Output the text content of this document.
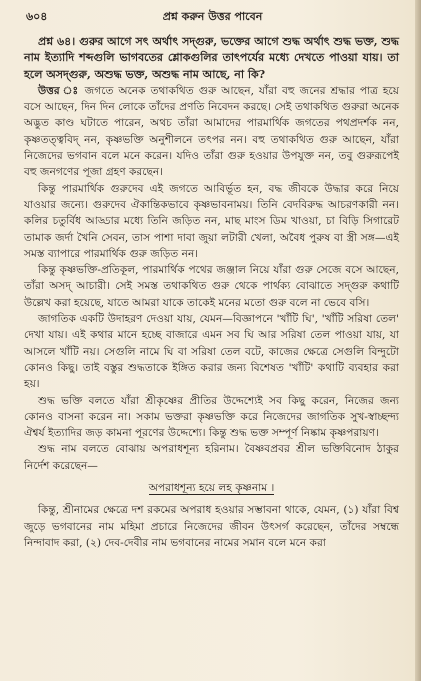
৬০৪	প্রশ্ন করুন উত্তর পাবেন

প্রশ্ন ৬৪। গুরুর আগে সৎ অর্থাৎ সদ্‌গুরু, ভক্তের আগে শুদ্ধ অর্থাৎ শুদ্ধ ভক্ত, শুদ্ধ নাম ইত্যাদি শব্দগুলি ভাগবতের শ্লোকগুলির তাৎপর্যের মধ্যে দেখতে পাওয়া যায়। তা হলে অসদ্‌গুরু, অশুদ্ধ ভক্ত, অশুদ্ধ নাম আছে, না কি?

উত্তর ঃ জগতে অনেক তথাকথিত গুরু আছেন, যাঁরা বহু জনের শ্রদ্ধার পাত্র হয়ে বসে আছেন, দিন দিন লোকে তাঁদের প্রণতি নিবেদন করছে। সেই তথাকথিত গুরুরা অনেক অদ্ভুত কাণ্ড ঘটাতে পারেন, অথচ তাঁরা আমাদের পারমার্থিক জগতের পথপ্রদর্শক নন, কৃষ্ণতত্ত্ববিদ্‌ নন, কৃষ্ণভক্তি অনুশীলনে তৎপর নন। বহু তথাকথিত গুরু আছেন, যাঁরা নিজেদের ভগবান বলে মনে করেন। যদিও তাঁরা গুরু হওয়ার উপযুক্ত নন, তবু গুরুরূপেই বহু জনগণের পূজা গ্রহণ করছেন।

কিন্তু পারমার্থিক গুরুদেব এই জগতে আবির্ভূত হন, বদ্ধ জীবকে উদ্ধার করে নিয়ে যাওয়ার জন্যে। গুরুদেব ঐকান্তিকভাবে কৃষ্ণভাবনাময়। তিনি বেদবিরুদ্ধ আচরণকারী নন। কলির চতুর্বিধ আড্ডার মধ্যে তিনি জড়িত নন, মাছ মাংস ডিম খাওয়া, চা বিড়ি সিগারেট তামাক জর্দা খৈনি সেবন, তাস পাশা দাবা জুয়া লটারী খেলা, অবৈধ পুরুষ বা স্ত্রী সঙ্গ—এই সমস্ত ব্যাপারে পারমার্থিক গুরু জড়িত নন।

কিন্তু কৃষ্ণভক্তি-প্রতিকূল, পারমার্থিক পথের জঞ্জাল নিয়ে যাঁরা গুরু সেজে বসে আছেন, তাঁরা অসদ্‌ আচারী। সেই সমস্ত তথাকথিত গুরু থেকে পার্থক্য বোঝাতে সদ্‌গুরু কথাটি উল্লেখ করা হয়েছে, যাতে আমরা যাকে তাকেই মনের মতো গুরু বলে না ভেবে বসি।

জাগতিক একটি উদাহরণ দেওয়া যায়, যেমন—বিজ্ঞাপনে 'খাঁটি ঘি', 'খাঁটি সরিষা তেল' দেখা যায়। এই কথার মানে হচ্ছে বাজারে এমন সব ঘি আর সরিষা তেল পাওয়া যায়, যা আসলে খাঁটি নয়। সেগুলি নামে ঘি বা সরিষা তেল বটে, কাজের ক্ষেত্রে সেগুলি বিন্দুটো কোনও কিছু। তাই বস্তুর শুদ্ধতাকে ইঙ্গিত করার জন্য বিশেষত 'খাঁটি' কথাটি ব্যবহার করা হয়।

শুদ্ধ ভক্তি বলতে যাঁরা শ্রীকৃষ্ণের প্রীতির উদ্দেশ্যেই সব কিছু করেন, নিজের জন্য কোনও বাসনা করেন না। সকাম ভক্তরা কৃষ্ণভক্তি করে নিজেদের জাগতিক সুখ-স্বাচ্ছন্দ্য ঐশ্বর্য ইত্যাদির জড় কামনা পূরণের উদ্দেশ্যে। কিন্তু শুদ্ধ ভক্ত সম্পূর্ণ নিষ্কাম কৃষ্ণপরায়ণ।

শুদ্ধ নাম বলতে বোঝায় অপরাধশূন্য হরিনাম। বৈষ্ণবপ্রবর শ্রীল ভক্তিবিনোদ ঠাকুর নির্দেশ করেছেন—

অপরাধশূন্য হয়ে লহ কৃষ্ণনাম ।

কিন্তু, শ্রীনামের ক্ষেত্রে দশ রকমের অপরাধ হওয়ার সম্ভাবনা থাকে, যেমন, (১) যাঁরা বিশ্ব জুড়ে ভগবানের নাম মহিমা প্রচারে নিজেদের জীবন উৎসর্গ করেছেন, তাঁদের সম্বন্ধে নিন্দাবাদ করা, (২) দেব-দেবীর নাম ভগবানের নামের সমান বলে মনে করা
